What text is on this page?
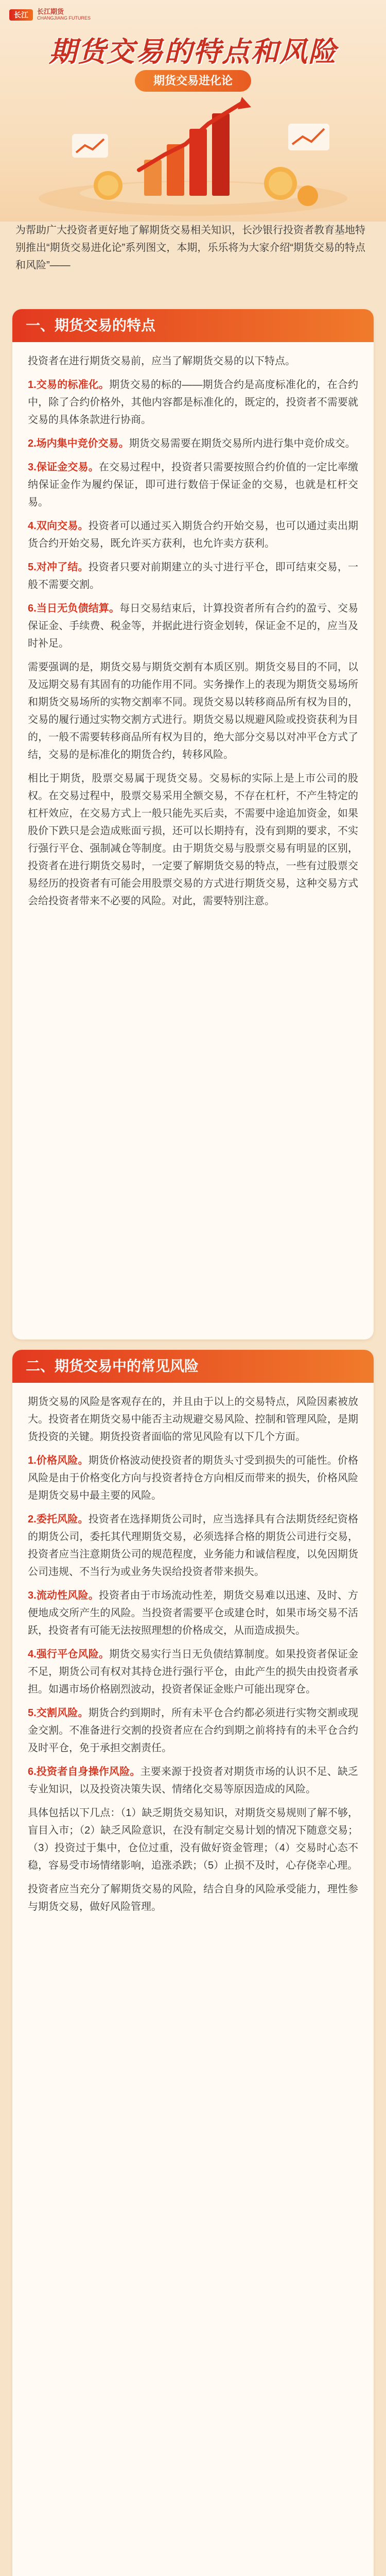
长江	长江期货
CHANGJIANG FUTURES
期货交易的特点和风险
期货交易进化论
为帮助广大投资者更好地了解期货交易相关知识，长沙银行投资者教育基地特别推出“期货交易进化论”系列图文，本期，乐乐将为大家介绍“期货交易的特点和风险”——
一、期货交易的特点

投资者在进行期货交易前，应当了解期货交易的以下特点。

1.交易的标准化。期货交易的标的——期货合约是高度标准化的，在合约中，除了合约价格外，其他内容都是标准化的，既定的，投资者不需要就交易的具体条款进行协商。

2.场内集中竞价交易。期货交易需要在期货交易所内进行集中竞价成交。

3.保证金交易。在交易过程中，投资者只需要按照合约价值的一定比率缴纳保证金作为履约保证，即可进行数倍于保证金的交易，也就是杠杆交易。

4.双向交易。投资者可以通过买入期货合约开始交易，也可以通过卖出期货合约开始交易，既允许买方获利，也允许卖方获利。

5.对冲了结。投资者只要对前期建立的头寸进行平仓，即可结束交易，一般不需要交割。

6.当日无负债结算。每日交易结束后，计算投资者所有合约的盈亏、交易保证金、手续费、税金等，并据此进行资金划转，保证金不足的，应当及时补足。

需要强调的是，期货交易与期货交割有本质区别。期货交易目的不同，以及远期交易有其固有的功能作用不同。实务操作上的表现为期货交易场所和期货交易场所的实物交割率不同。现货交易以转移商品所有权为目的，交易的履行通过实物交割方式进行。期货交易以规避风险或投资获利为目的，一般不需要转移商品所有权为目的，绝大部分交易以对冲平仓方式了结，交易的是标准化的期货合约，转移风险。

相比于期货，股票交易属于现货交易。交易标的实际上是上市公司的股权。在交易过程中，股票交易采用全额交易，不存在杠杆，不产生特定的杠杆效应，在交易方式上一般只能先买后卖，不需要中途追加资金，如果股价下跌只是会造成账面亏损，还可以长期持有，没有到期的要求，不实行强行平仓、强制减仓等制度。由于期货交易与股票交易有明显的区别，投资者在进行期货交易时，一定要了解期货交易的特点，一些有过股票交易经历的投资者有可能会用股票交易的方式进行期货交易，这种交易方式会给投资者带来不必要的风险。对此，需要特别注意。

二、期货交易中的常见风险

期货交易的风险是客观存在的，并且由于以上的交易特点，风险因素被放大。投资者在期货交易中能否主动规避交易风险、控制和管理风险，是期货投资的关键。期货投资者面临的常见风险有以下几个方面。

1.价格风险。期货价格波动使投资者的期货头寸受到损失的可能性。价格风险是由于价格变化方向与投资者持仓方向相反而带来的损失，价格风险是期货交易中最主要的风险。

2.委托风险。投资者在选择期货公司时，应当选择具有合法期货经纪资格的期货公司，委托其代理期货交易，必须选择合格的期货公司进行交易，投资者应当注意期货公司的规范程度，业务能力和诚信程度，以免因期货公司违规、不当行为或业务失误给投资者带来损失。

3.流动性风险。投资者由于市场流动性差，期货交易难以迅速、及时、方便地成交所产生的风险。当投资者需要平仓或建仓时，如果市场交易不活跃，投资者有可能无法按照理想的价格成交，从而造成损失。

4.强行平仓风险。期货交易实行当日无负债结算制度。如果投资者保证金不足，期货公司有权对其持仓进行强行平仓，由此产生的损失由投资者承担。如遇市场价格剧烈波动，投资者保证金账户可能出现穿仓。

5.交割风险。期货合约到期时，所有未平仓合约都必须进行实物交割或现金交割。不准备进行交割的投资者应在合约到期之前将持有的未平仓合约及时平仓，免于承担交割责任。

6.投资者自身操作风险。主要来源于投资者对期货市场的认识不足、缺乏专业知识，以及投资决策失误、情绪化交易等原因造成的风险。

具体包括以下几点：（1）缺乏期货交易知识，对期货交易规则了解不够，盲目入市；（2）缺乏风险意识，在没有制定交易计划的情况下随意交易；（3）投资过于集中，仓位过重，没有做好资金管理；（4）交易时心态不稳，容易受市场情绪影响，追涨杀跌；（5）止损不及时，心存侥幸心理。

投资者应当充分了解期货交易的风险，结合自身的风险承受能力，理性参与期货交易，做好风险管理。
